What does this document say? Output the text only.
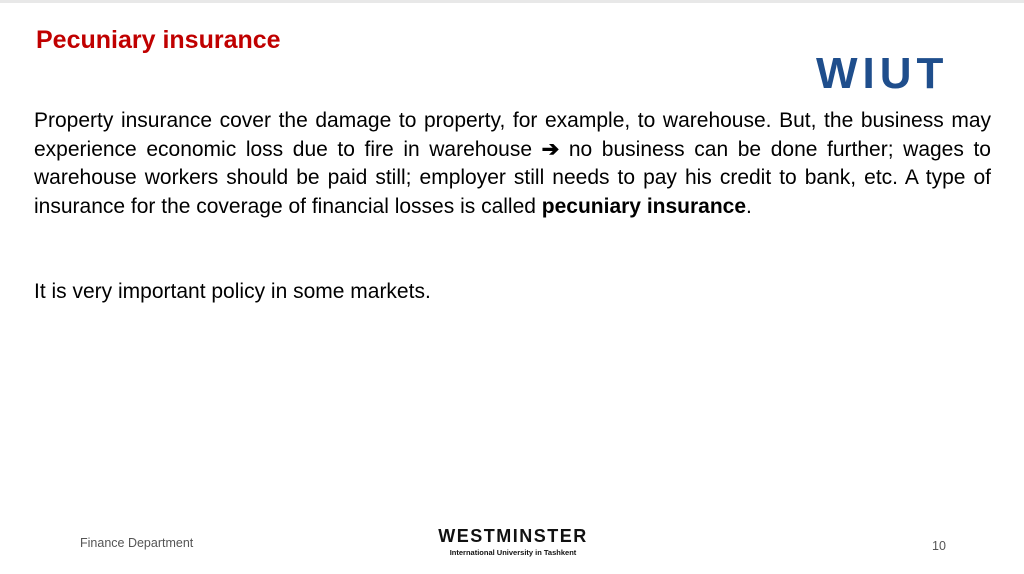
Pecuniary insurance
WIUT

Property insurance cover the damage to property, for example, to warehouse. But, the business may experience economic loss due to fire in warehouse ➔ no business can be done further; wages to warehouse workers should be paid still; employer still needs to pay his credit to bank, etc. A type of insurance for the coverage of financial losses is called pecuniary insurance.

It is very important policy in some markets.

Finance Department	WESTMINSTER
International University in Tashkent	10
